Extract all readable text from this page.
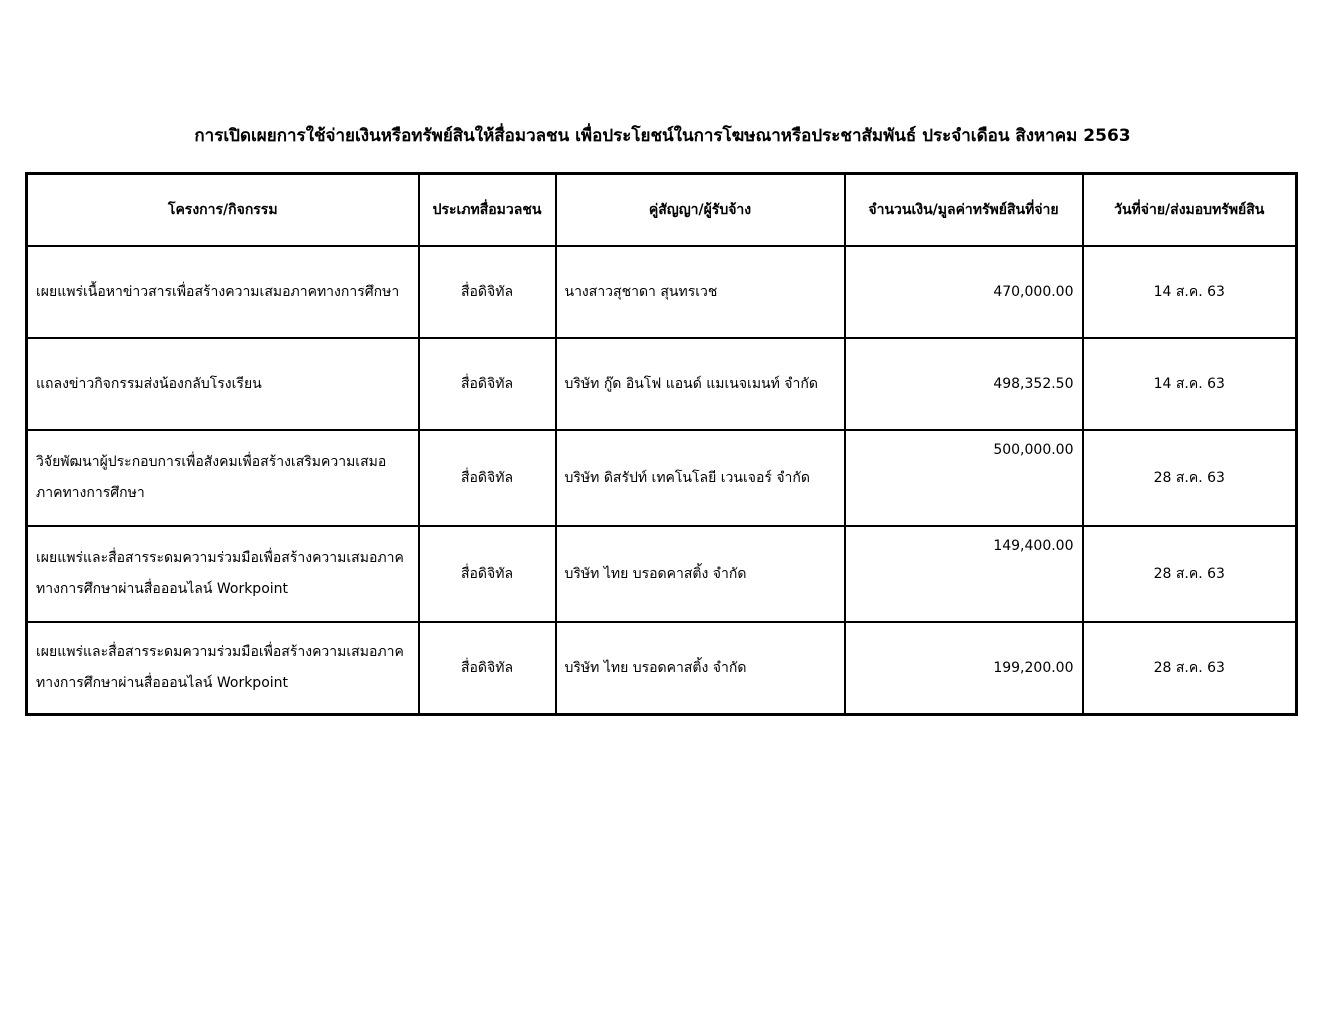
การเปิดเผยการใช้จ่ายเงินหรือทรัพย์สินให้สื่อมวลชน เพื่อประโยชน์ในการโฆษณาหรือประชาสัมพันธ์ ประจำเดือน สิงหาคม 2563
โครงการ/กิจกรรม	ประเภทสื่อมวลชน	คู่สัญญา/ผู้รับจ้าง	จำนวนเงิน/มูลค่าทรัพย์สินที่จ่าย	วันที่จ่าย/ส่งมอบทรัพย์สิน
เผยแพร่เนื้อหาข่าวสารเพื่อสร้างความเสมอภาคทางการศึกษา	สื่อดิจิทัล	นางสาวสุชาดา สุนทรเวช	470,000.00	14 ส.ค. 63
แถลงข่าวกิจกรรมส่งน้องกลับโรงเรียน	สื่อดิจิทัล	บริษัท กู๊ด อินโฟ แอนด์ แมเนจเมนท์ จำกัด	498,352.50	14 ส.ค. 63
วิจัยพัฒนาผู้ประกอบการเพื่อสังคมเพื่อสร้างเสริมความเสมอภาคทางการศึกษา	สื่อดิจิทัล	บริษัท ดิสรัปท์ เทคโนโลยี เวนเจอร์ จำกัด	500,000.00	28 ส.ค. 63
เผยแพร่และสื่อสารระดมความร่วมมือเพื่อสร้างความเสมอภาคทางการศึกษาผ่านสื่อออนไลน์ Workpoint	สื่อดิจิทัล	บริษัท ไทย บรอดคาสติ้ง จำกัด	149,400.00	28 ส.ค. 63
เผยแพร่และสื่อสารระดมความร่วมมือเพื่อสร้างความเสมอภาคทางการศึกษาผ่านสื่อออนไลน์ Workpoint	สื่อดิจิทัล	บริษัท ไทย บรอดคาสติ้ง จำกัด	199,200.00	28 ส.ค. 63
